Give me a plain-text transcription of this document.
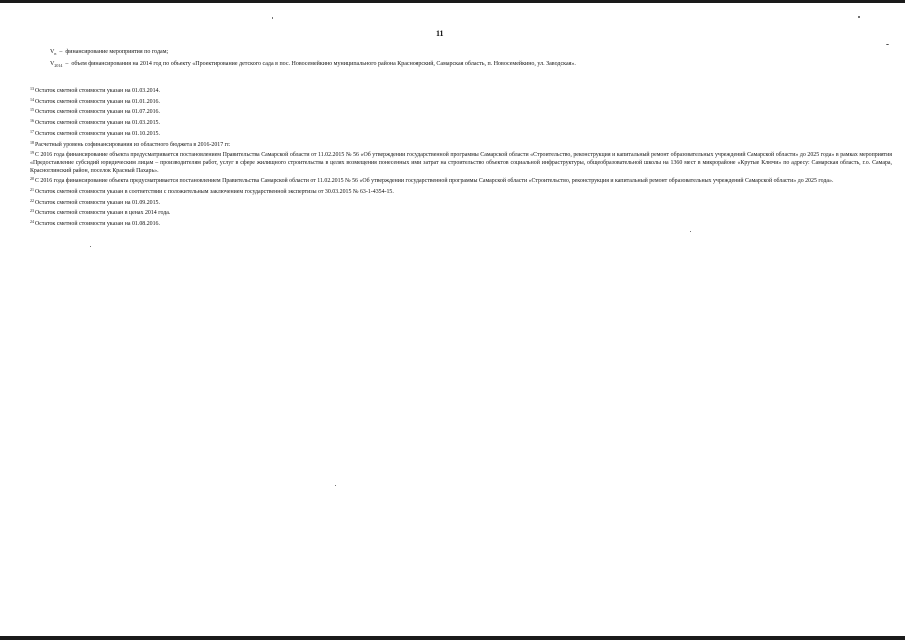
11
$V_n$ – финансирование мероприятия по годам;
$V_{2014}$ – объем финансирования на 2014 год по объекту «Проектирование детского сада в пос. Новосемейкино муниципального района Красноярский, Самарская область, п. Новосемейкино, ул. Заводская».

$^{13}$Остаток сметной стоимости указан на 01.03.2014.

$^{14}$Остаток сметной стоимости указан на 01.01.2016.

$^{15}$Остаток сметной стоимости указан на 01.07.2016.

$^{16}$Остаток сметной стоимости указан на 01.03.2015.

$^{17}$Остаток сметной стоимости указан на 01.10.2015.

$^{18}$Расчетный уровень софинансирования из областного бюджета в 2016-2017 гг.

$^{19}$С 2016 года финансирование объекта предусматривается постановлением Правительства Самарской области от 11.02.2015 № 56 «Об утверждении государственной программы Самарской области «Строительство, реконструкция и капитальный ремонт образовательных учреждений Самарской области» до 2025 года» в рамках мероприятия «Предоставление субсидий юридическим лицам – производителям работ, услуг в сфере жилищного строительства в целях возмещения понесенных ими затрат на строительство объектов социальной инфраструктуры, общеобразовательной школы на 1360 мест в микрорайоне «Крутые Ключи» по адресу: Самарская область, г.о. Самара, Красноглинский район, поселок Красный Пахарь».

$^{20}$С 2016 года финансирование объекта предусматривается постановлением Правительства Самарской области от 11.02.2015 № 56 «Об утверждении государственной программы Самарской области «Строительство, реконструкция и капитальный ремонт образовательных учреждений Самарской области» до 2025 года».

$^{21}$Остаток сметной стоимости указан в соответствии с положительным заключением государственной экспертизы от 30.03.2015 № 63-1-4354-15.

$^{22}$Остаток сметной стоимости указан на 01.09.2015.

$^{23}$Остаток сметной стоимости указан в ценах 2014 года.

$^{24}$Остаток сметной стоимости указан на 01.08.2016.
